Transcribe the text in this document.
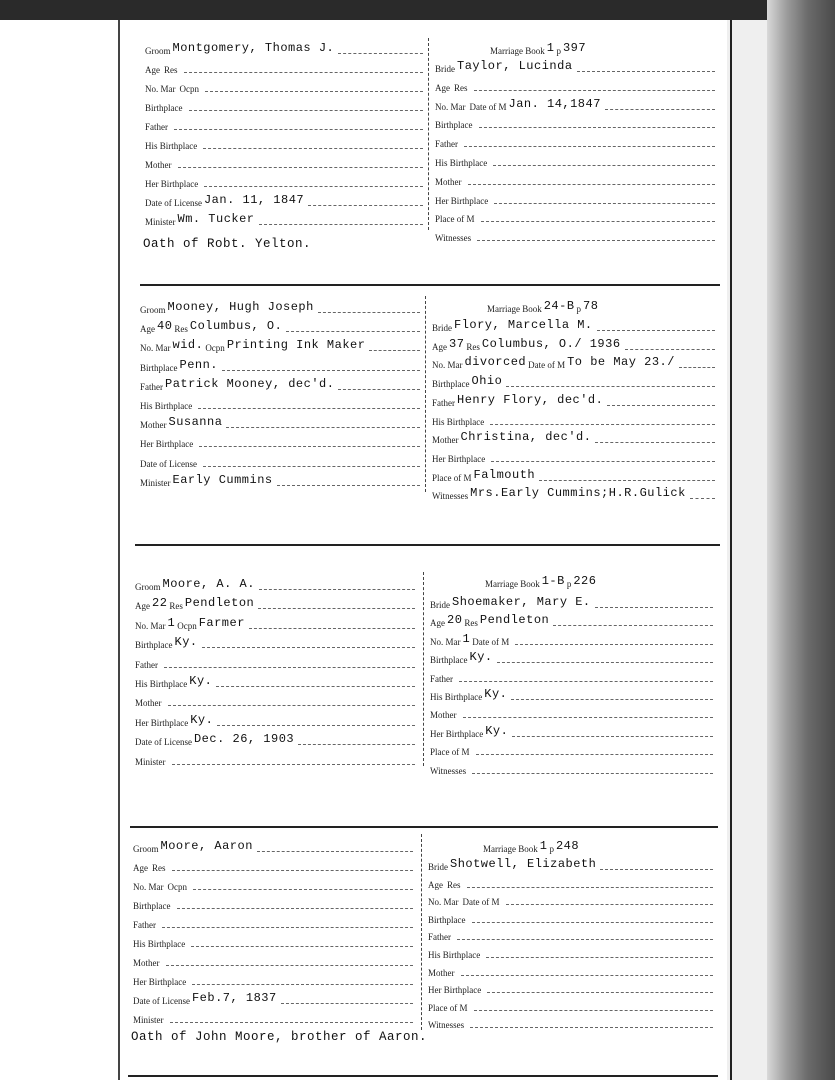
Groom Montgomery, Thomas J.
Age Res
No. Mar Ocpn
Birthplace
Father
His Birthplace
Mother
Her Birthplace
Date of License Jan. 11, 1847
Minister Wm. Tucker
Marriage Book 1 p 397
Bride Taylor, Lucinda
Age Res
No. Mar Date of M Jan. 14,1847
Birthplace
Father
His Birthplace
Mother
Her Birthplace
Place of M
Witnesses
Oath of Robt. Yelton.
Groom Mooney, Hugh Joseph
Age 40 Res Columbus, O.
No. Mar wid. Ocpn Printing Ink Maker
Birthplace Penn.
Father Patrick Mooney, dec'd.
His Birthplace
Mother Susanna
Her Birthplace
Date of License
Minister Early Cummins
Marriage Book 24-B p 78
Bride Flory, Marcella M.
Age 37 Res Columbus, O./ 1936
No. Mar divorced Date of M To be May 23./
Birthplace Ohio
Father Henry Flory, dec'd.
His Birthplace
Mother Christina, dec'd.
Her Birthplace
Place of M Falmouth
Witnesses Mrs.Early Cummins;H.R.Gulick
Groom Moore, A. A.
Age 22 Res Pendleton
No. Mar 1 Ocpn Farmer
Birthplace Ky.
Father
His Birthplace Ky.
Mother
Her Birthplace Ky.
Date of License Dec. 26, 1903
Minister
Marriage Book 1-B p 226
Bride Shoemaker, Mary E.
Age 20 Res Pendleton
No. Mar 1 Date of M
Birthplace Ky.
Father
His Birthplace Ky.
Mother
Her Birthplace Ky.
Place of M
Witnesses
Groom Moore, Aaron
Age Res
No. Mar Ocpn
Birthplace
Father
His Birthplace
Mother
Her Birthplace
Date of License Feb.7, 1837
Minister
Marriage Book 1 p 248
Bride Shotwell, Elizabeth
Age Res
No. Mar Date of M
Birthplace
Father
His Birthplace
Mother
Her Birthplace
Place of M
Witnesses
Oath of John Moore, brother of Aaron.
